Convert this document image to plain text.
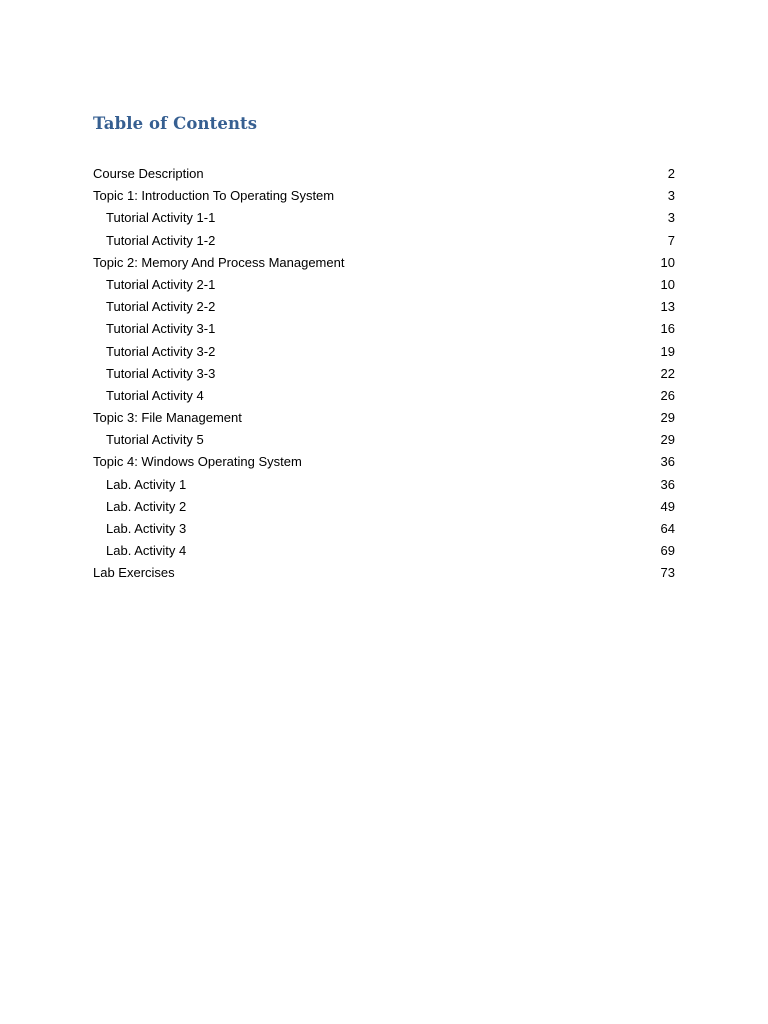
Table of Contents
Course Description	2
Topic 1: Introduction To Operating System	3
Tutorial Activity 1-1	3
Tutorial Activity 1-2	7
Topic 2: Memory And Process Management	10
Tutorial Activity 2-1	10
Tutorial Activity 2-2	13
Tutorial Activity 3-1	16
Tutorial Activity 3-2	19
Tutorial Activity 3-3	22
Tutorial Activity 4	26
Topic 3: File Management	29
Tutorial Activity 5	29
Topic 4: Windows Operating System	36
Lab. Activity 1	36
Lab. Activity 2	49
Lab. Activity 3	64
Lab. Activity 4	69
Lab Exercises	73
